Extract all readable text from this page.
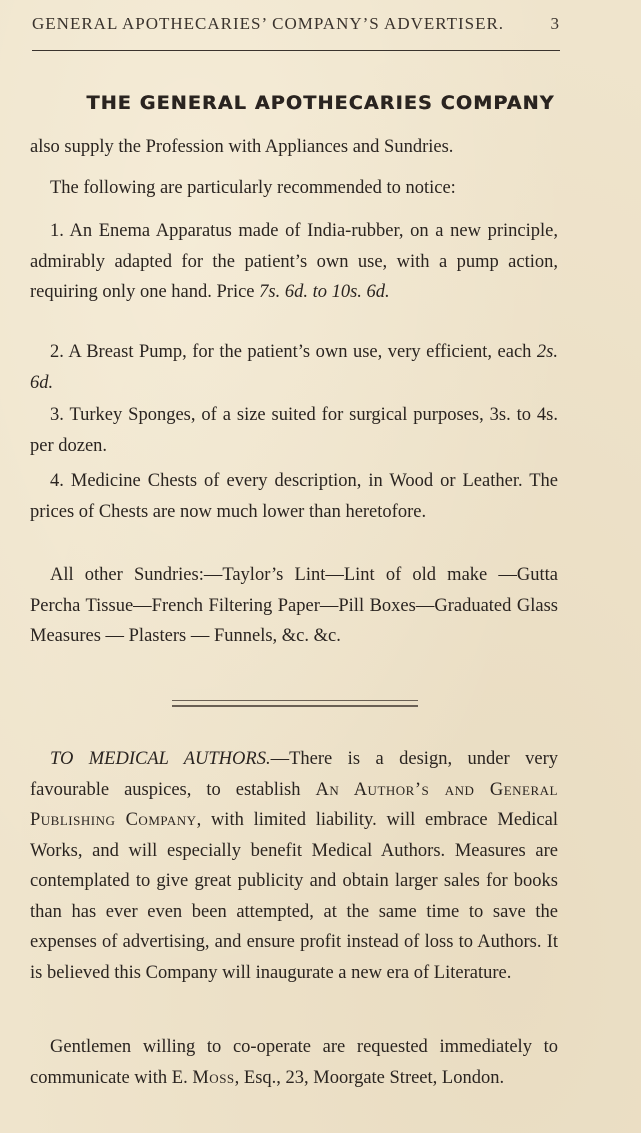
GENERAL APOTHECARIES’ COMPANY’S ADVERTISER.	3
THE GENERAL APOTHECARIES COMPANY

also supply the Profession with Appliances and Sundries.

The following are particularly recommended to notice:

1. An Enema Apparatus made of India-rubber, on a new principle, admirably adapted for the patient’s own use, with a pump action, requiring only one hand. Price 7s. 6d. to 10s. 6d.

2. A Breast Pump, for the patient’s own use, very efficient, each 2s. 6d.

3. Turkey Sponges, of a size suited for surgical purposes, 3s. to 4s. per dozen.

4. Medicine Chests of every description, in Wood or Leather. The prices of Chests are now much lower than heretofore.

All other Sundries:—Taylor’s Lint—Lint of old make —Gutta Percha Tissue—French Filtering Paper—Pill Boxes—Graduated Glass Measures — Plasters — Funnels, &c. &c.

TO MEDICAL AUTHORS.—There is a design, under very favourable auspices, to establish An Author’s and General Publishing Company, with limited liability. will embrace Medical Works, and will especially benefit Medical Authors. Measures are contemplated to give great publicity and obtain larger sales for books than has ever even been attempted, at the same time to save the expenses of advertising, and ensure profit instead of loss to Authors. It is believed this Company will inaugurate a new era of Literature.

Gentlemen willing to co-operate are requested immediately to communicate with E. Moss, Esq., 23, Moorgate Street, London.
